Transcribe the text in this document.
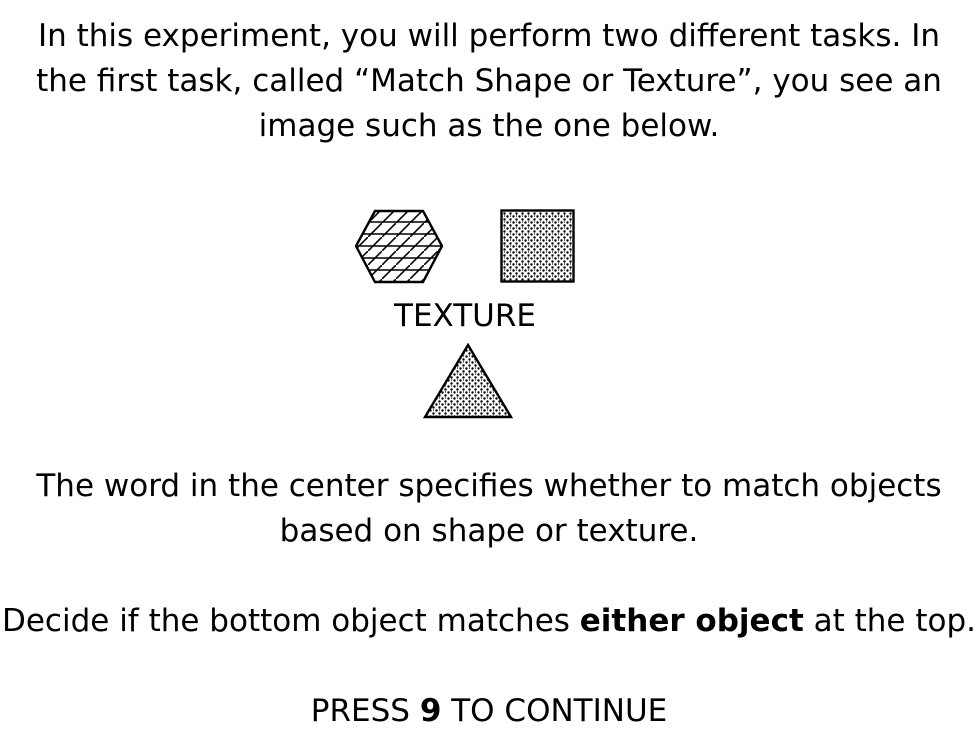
In this experiment, you will perform two different tasks. In
the first task, called “Match Shape or Texture”, you see an
image such as the one below.
TEXTURE
The word in the center specifies whether to match objects
based on shape or texture.
Decide if the bottom object matches either object at the top.
PRESS 9 TO CONTINUE
